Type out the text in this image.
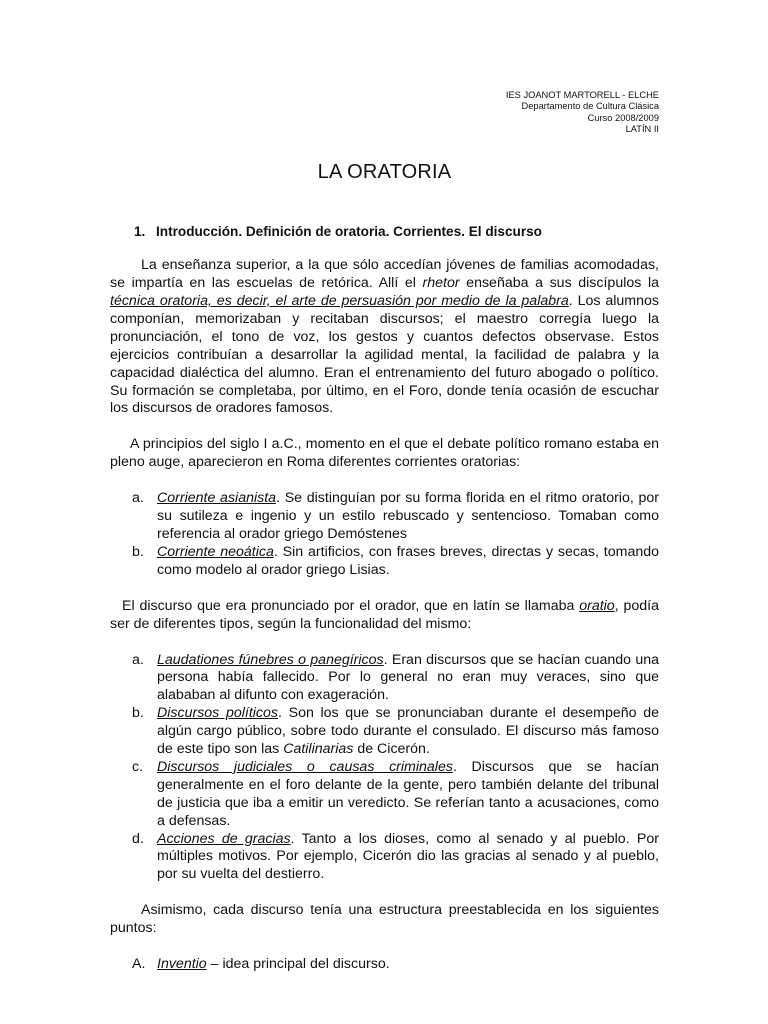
IES JOANOT MARTORELL - ELCHE
Departamento de Cultura Clásica
Curso 2008/2009
LATÍN II
LA ORATORIA
1. Introducción. Definición de oratoria. Corrientes. El discurso

La enseñanza superior, a la que sólo accedían jóvenes de familias acomodadas, se impartía en las escuelas de retórica. Allí el rhetor enseñaba a sus discípulos la técnica oratoria, es decir, el arte de persuasión por medio de la palabra. Los alumnos componían, memorizaban y recitaban discursos; el maestro corregía luego la pronunciación, el tono de voz, los gestos y cuantos defectos observase. Estos ejercicios contribuían a desarrollar la agilidad mental, la facilidad de palabra y la capacidad dialéctica del alumno. Eran el entrenamiento del futuro abogado o político. Su formación se completaba, por último, en el Foro, donde tenía ocasión de escuchar los discursos de oradores famosos.

A principios del siglo I a.C., momento en el que el debate político romano estaba en pleno auge, aparecieron en Roma diferentes corrientes oratorias:

a. Corriente asianista. Se distinguían por su forma florida en el ritmo oratorio, por su sutileza e ingenio y un estilo rebuscado y sentencioso. Tomaban como referencia al orador griego Demóstenes
b. Corriente neoática. Sin artificios, con frases breves, directas y secas, tomando como modelo al orador griego Lisias.

El discurso que era pronunciado por el orador, que en latín se llamaba oratio, podía ser de diferentes tipos, según la funcionalidad del mismo:

a. Laudationes fúnebres o panegíricos. Eran discursos que se hacían cuando una persona había fallecido. Por lo general no eran muy veraces, sino que alababan al difunto con exageración.
b. Discursos políticos. Son los que se pronunciaban durante el desempeño de algún cargo público, sobre todo durante el consulado. El discurso más famoso de este tipo son las Catilinarias de Cicerón.
c. Discursos judiciales o causas criminales. Discursos que se hacían generalmente en el foro delante de la gente, pero también delante del tribunal de justicia que iba a emitir un veredicto. Se referían tanto a acusaciones, como a defensas.
d. Acciones de gracias. Tanto a los dioses, como al senado y al pueblo. Por múltiples motivos. Por ejemplo, Cicerón dio las gracias al senado y al pueblo, por su vuelta del destierro.

Asimismo, cada discurso tenía una estructura preestablecida en los siguientes puntos:

A. Inventio – idea principal del discurso.
